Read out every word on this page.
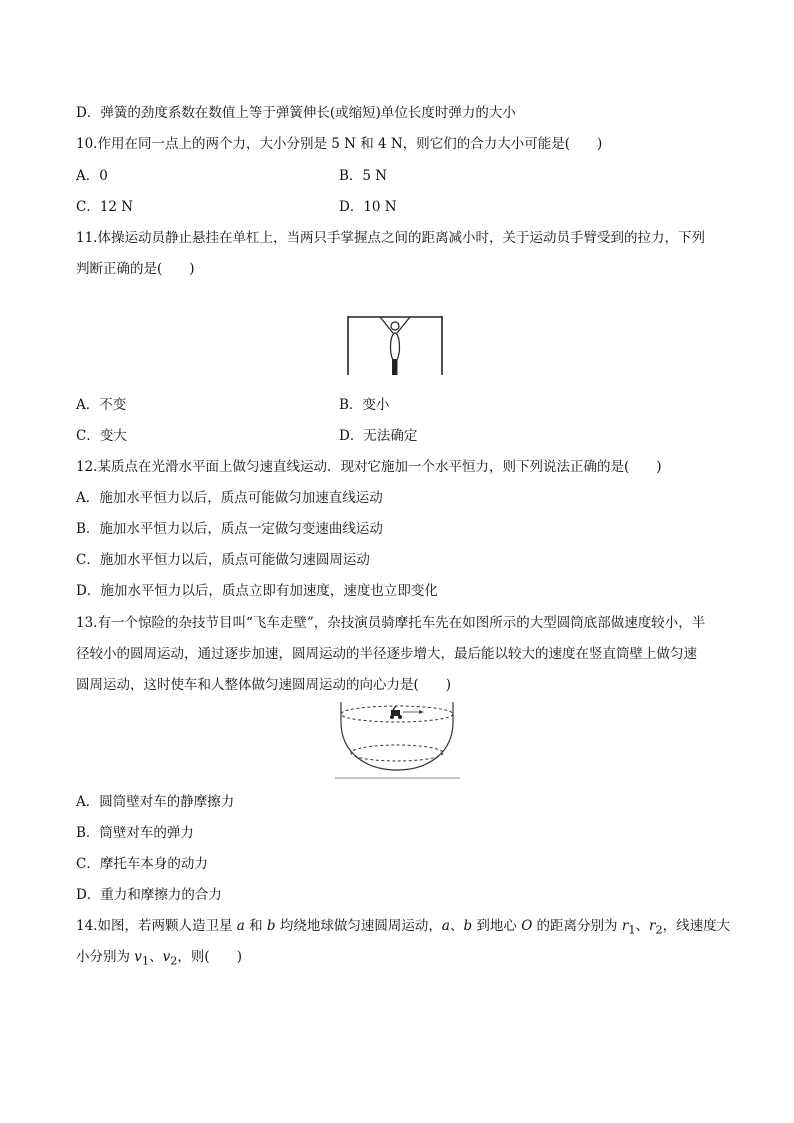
D．弹簧的劲度系数在数值上等于弹簧伸长(或缩短)单位长度时弹力的大小
10.作用在同一点上的两个力，大小分别是 5 N 和 4 N，则它们的合力大小可能是(　　)
A．0	B．5 N
C．12 N	D．10 N
11.体操运动员静止悬挂在单杠上，当两只手掌握点之间的距离减小时，关于运动员手臂受到的拉力，下列
判断正确的是(　　)
A．不变	B．变小
C．变大	D．无法确定
12.某质点在光滑水平面上做匀速直线运动．现对它施加一个水平恒力，则下列说法正确的是(　　)
A．施加水平恒力以后，质点可能做匀加速直线运动
B．施加水平恒力以后，质点一定做匀变速曲线运动
C．施加水平恒力以后，质点可能做匀速圆周运动
D．施加水平恒力以后，质点立即有加速度，速度也立即变化
13.有一个惊险的杂技节目叫“飞车走壁”，杂技演员骑摩托车先在如图所示的大型圆筒底部做速度较小，半
径较小的圆周运动，通过逐步加速，圆周运动的半径逐步增大，最后能以较大的速度在竖直筒壁上做匀速
圆周运动，这时使车和人整体做匀速圆周运动的向心力是(　　)
A．圆筒壁对车的静摩擦力
B．筒壁对车的弹力
C．摩托车本身的动力
D．重力和摩擦力的合力
14.如图，若两颗人造卫星 a 和 b 均绕地球做匀速圆周运动，a、b 到地心 O 的距离分别为 $r_1$、$r_2$，线速度大
小分别为 $v_1$、$v_2$，则(　　)
